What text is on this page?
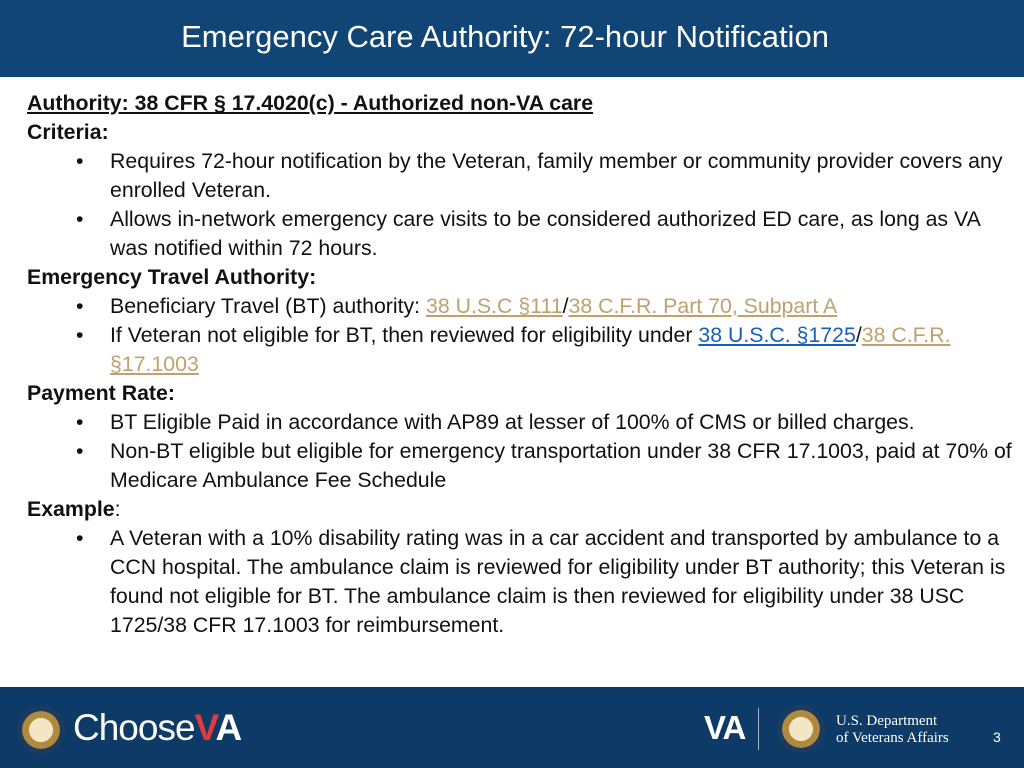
Emergency Care Authority: 72-hour Notification
Authority: 38 CFR § 17.4020(c) - Authorized non-VA care
Criteria:
• Requires 72-hour notification by the Veteran, family member or community provider covers any enrolled Veteran.
• Allows in-network emergency care visits to be considered authorized ED care, as long as VA was notified within 72 hours.
Emergency Travel Authority:
• Beneficiary Travel (BT) authority: 38 U.S.C §111/38 C.F.R. Part 70, Subpart A
• If Veteran not eligible for BT, then reviewed for eligibility under 38 U.S.C. §1725/38 C.F.R. §17.1003
Payment Rate:
• BT Eligible Paid in accordance with AP89 at lesser of 100% of CMS or billed charges.
• Non-BT eligible but eligible for emergency transportation under 38 CFR 17.1003, paid at 70% of Medicare Ambulance Fee Schedule
Example:
• A Veteran with a 10% disability rating was in a car accident and transported by ambulance to a CCN hospital. The ambulance claim is reviewed for eligibility under BT authority; this Veteran is found not eligible for BT. The ambulance claim is then reviewed for eligibility under 38 USC 1725/38 CFR 17.1003 for reimbursement.
ChooseVA	VA	U.S. Department
of Veterans Affairs	3
